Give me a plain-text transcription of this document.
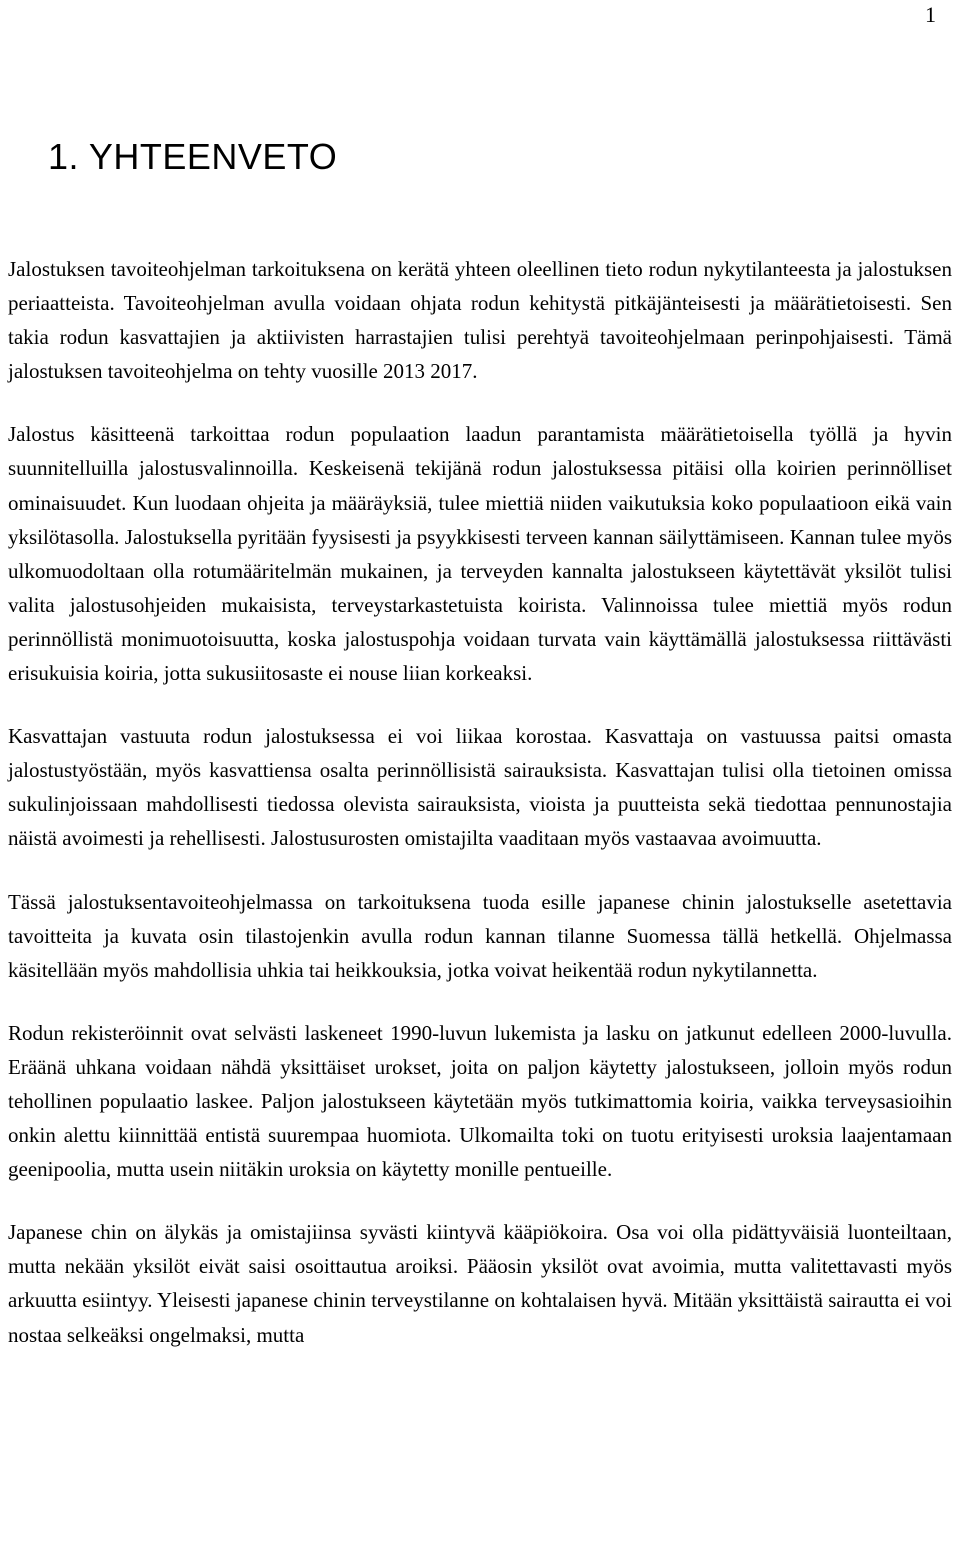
1
1. YHTEENVETO

Jalostuksen tavoiteohjelman tarkoituksena on kerätä yhteen oleellinen tieto rodun nykytilanteesta ja jalostuksen periaatteista. Tavoiteohjelman avulla voidaan ohjata rodun kehitystä pitkäjänteisesti ja määrätietoisesti. Sen takia rodun kasvattajien ja aktiivisten harrastajien tulisi perehtyä tavoiteohjelmaan perinpohjaisesti. Tämä jalostuksen tavoiteohjelma on tehty vuosille 2013 2017.

Jalostus käsitteenä tarkoittaa rodun populaation laadun parantamista määrätietoisella työllä ja hyvin suunnitelluilla jalostusvalinnoilla. Keskeisenä tekijänä rodun jalostuksessa pitäisi olla koirien perinnölliset ominaisuudet. Kun luodaan ohjeita ja määräyksiä, tulee miettiä niiden vaikutuksia koko populaatioon eikä vain yksilötasolla. Jalostuksella pyritään fyysisesti ja psyykkisesti terveen kannan säilyttämiseen. Kannan tulee myös ulkomuodoltaan olla rotumääritelmän mukainen, ja terveyden kannalta jalostukseen käytettävät yksilöt tulisi valita jalostusohjeiden mukaisista, terveystarkastetuista koirista. Valinnoissa tulee miettiä myös rodun perinnöllistä monimuotoisuutta, koska jalostuspohja voidaan turvata vain käyttämällä jalostuksessa riittävästi erisukuisia koiria, jotta sukusiitosaste ei nouse liian korkeaksi.

Kasvattajan vastuuta rodun jalostuksessa ei voi liikaa korostaa. Kasvattaja on vastuussa paitsi omasta jalostustyöstään, myös kasvattiensa osalta perinnöllisistä sairauksista. Kasvattajan tulisi olla tietoinen omissa sukulinjoissaan mahdollisesti tiedossa olevista sairauksista, vioista ja puutteista sekä tiedottaa pennunostajia näistä avoimesti ja rehellisesti. Jalostusurosten omistajilta vaaditaan myös vastaavaa avoimuutta.

Tässä jalostuksentavoiteohjelmassa on tarkoituksena tuoda esille japanese chinin jalostukselle asetettavia tavoitteita ja kuvata osin tilastojenkin avulla rodun kannan tilanne Suomessa tällä hetkellä. Ohjelmassa käsitellään myös mahdollisia uhkia tai heikkouksia, jotka voivat heikentää rodun nykytilannetta.

Rodun rekisteröinnit ovat selvästi laskeneet 1990-luvun lukemista ja lasku on jatkunut edelleen 2000-luvulla. Eräänä uhkana voidaan nähdä yksittäiset urokset, joita on paljon käytetty jalostukseen, jolloin myös rodun tehollinen populaatio laskee. Paljon jalostukseen käytetään myös tutkimattomia koiria, vaikka terveysasioihin onkin alettu kiinnittää entistä suurempaa huomiota. Ulkomailta toki on tuotu erityisesti uroksia laajentamaan geenipoolia, mutta usein niitäkin uroksia on käytetty monille pentueille.

Japanese chin on älykäs ja omistajiinsa syvästi kiintyvä kääpiökoira. Osa voi olla pidättyväisiä luonteiltaan, mutta nekään yksilöt eivät saisi osoittautua aroiksi. Pääosin yksilöt ovat avoimia, mutta valitettavasti myös arkuutta esiintyy. Yleisesti japanese chinin terveystilanne on kohtalaisen hyvä. Mitään yksittäistä sairautta ei voi nostaa selkeäksi ongelmaksi, mutta
